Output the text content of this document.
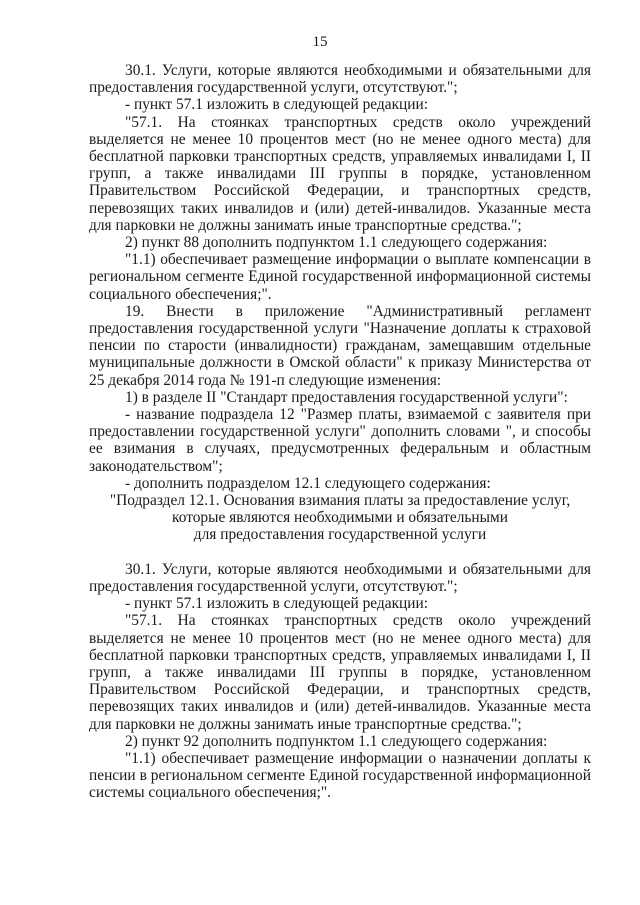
15

30.1. Услуги, которые являются необходимыми и обязательными для предоставления государственной услуги, отсутствуют.";

- пункт 57.1 изложить в следующей редакции:

"57.1. На стоянках транспортных средств около учреждений выделяется не менее 10 процентов мест (но не менее одного места) для бесплатной парковки транспортных средств, управляемых инвалидами I, II групп, а также инвалидами III группы в порядке, установленном Правительством Российской Федерации, и транспортных средств, перевозящих таких инвалидов и (или) детей-инвалидов. Указанные места для парковки не должны занимать иные транспортные средства.";

2) пункт 88 дополнить подпунктом 1.1 следующего содержания:

"1.1) обеспечивает размещение информации о выплате компенсации в региональном сегменте Единой государственной информационной системы социального обеспечения;".

19. Внести в приложение "Административный регламент предоставления государственной услуги "Назначение доплаты к страховой пенсии по старости (инвалидности) гражданам, замещавшим отдельные муниципальные должности в Омской области" к приказу Министерства от 25 декабря 2014 года № 191-п следующие изменения:

1) в разделе II "Стандарт предоставления государственной услуги":

- название подраздела 12 "Размер платы, взимаемой с заявителя при предоставлении государственной услуги" дополнить словами ", и способы ее взимания в случаях, предусмотренных федеральным и областным законодательством";

- дополнить подразделом 12.1 следующего содержания:

"Подраздел 12.1. Основания взимания платы за предоставление услуг,

которые являются необходимыми и обязательными

для предоставления государственной услуги

30.1. Услуги, которые являются необходимыми и обязательными для предоставления государственной услуги, отсутствуют.";

- пункт 57.1 изложить в следующей редакции:

"57.1. На стоянках транспортных средств около учреждений выделяется не менее 10 процентов мест (но не менее одного места) для бесплатной парковки транспортных средств, управляемых инвалидами I, II групп, а также инвалидами III группы в порядке, установленном Правительством Российской Федерации, и транспортных средств, перевозящих таких инвалидов и (или) детей-инвалидов. Указанные места для парковки не должны занимать иные транспортные средства.";

2) пункт 92 дополнить подпунктом 1.1 следующего содержания:

"1.1) обеспечивает размещение информации о назначении доплаты к пенсии в региональном сегменте Единой государственной информационной системы социального обеспечения;".
